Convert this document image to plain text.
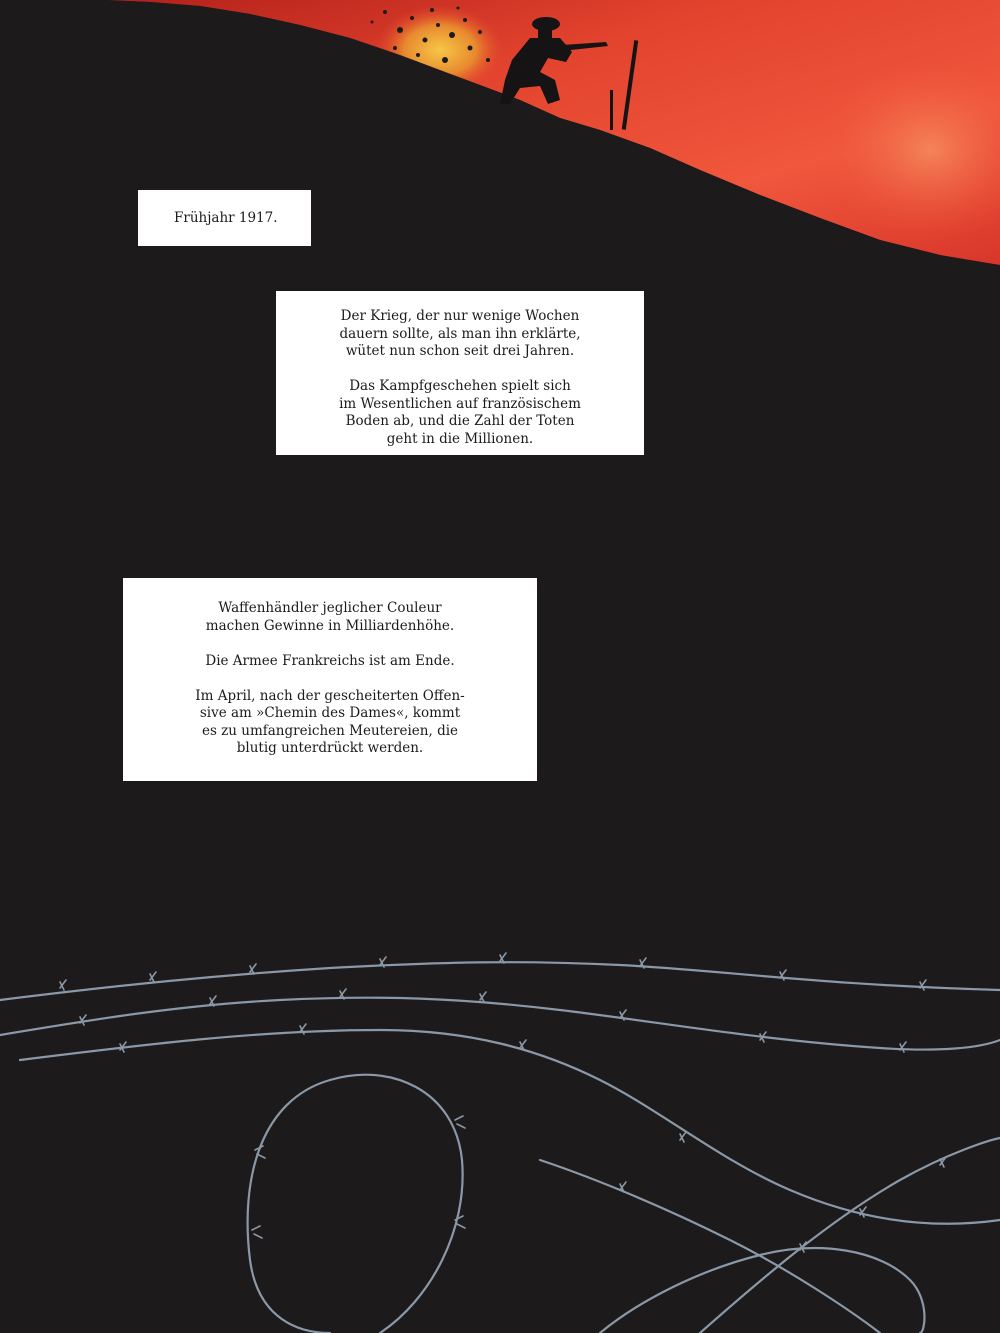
Frühjahr 1917.
Der Krieg, der nur wenige Wochen
dauern sollte, als man ihn erklärte,
wütet nun schon seit drei Jahren.
Das Kampfgeschehen spielt sich
im Wesentlichen auf französischem
Boden ab, und die Zahl der Toten
geht in die Millionen.
Waffenhändler jeglicher Couleur
machen Gewinne in Milliardenhöhe.
Die Armee Frankreichs ist am Ende.
Im April, nach der gescheiterten Offen-
sive am »Chemin des Dames«, kommt
es zu umfangreichen Meutereien, die
blutig unterdrückt werden.
